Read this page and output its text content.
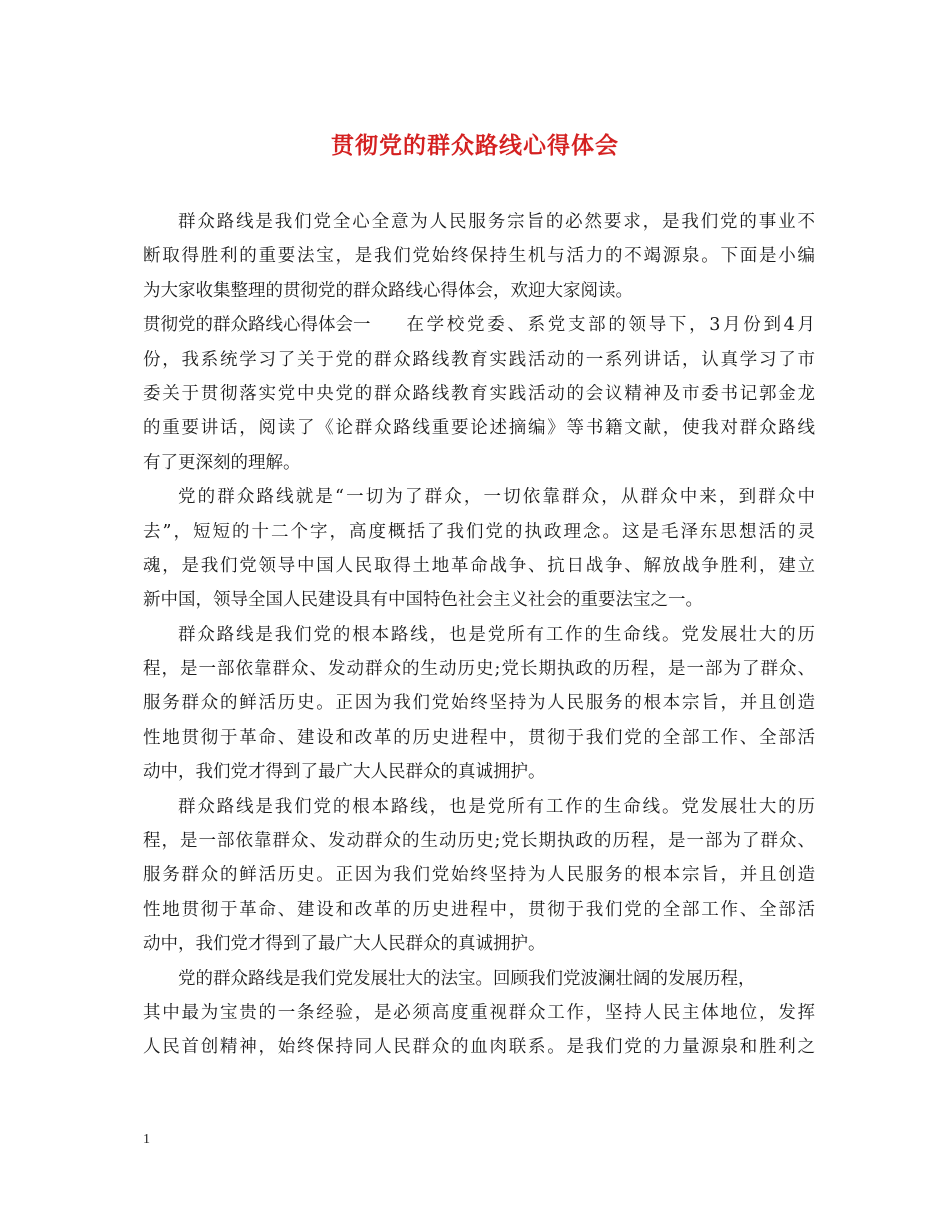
贯彻党的群众路线心得体会
群众路线是我们党全心全意为人民服务宗旨的必然要求，是我们党的事业不
断取得胜利的重要法宝，是我们党始终保持生机与活力的不竭源泉。下面是小编
为大家收集整理的贯彻党的群众路线心得体会，欢迎大家阅读。
贯彻党的群众路线心得体会一 在学校党委、系党支部的领导下，3月份到4月
份，我系统学习了关于党的群众路线教育实践活动的一系列讲话，认真学习了市
委关于贯彻落实党中央党的群众路线教育实践活动的会议精神及市委书记郭金龙
的重要讲话，阅读了《论群众路线重要论述摘编》等书籍文献，使我对群众路线
有了更深刻的理解。
党的群众路线就是“一切为了群众，一切依靠群众，从群众中来，到群众中
去”，短短的十二个字，高度概括了我们党的执政理念。这是毛泽东思想活的灵
魂，是我们党领导中国人民取得土地革命战争、抗日战争、解放战争胜利，建立
新中国，领导全国人民建设具有中国特色社会主义社会的重要法宝之一。
群众路线是我们党的根本路线，也是党所有工作的生命线。党发展壮大的历
程，是一部依靠群众、发动群众的生动历史;党长期执政的历程，是一部为了群众、
服务群众的鲜活历史。正因为我们党始终坚持为人民服务的根本宗旨，并且创造
性地贯彻于革命、建设和改革的历史进程中，贯彻于我们党的全部工作、全部活
动中，我们党才得到了最广大人民群众的真诚拥护。
群众路线是我们党的根本路线，也是党所有工作的生命线。党发展壮大的历
程，是一部依靠群众、发动群众的生动历史;党长期执政的历程，是一部为了群众、
服务群众的鲜活历史。正因为我们党始终坚持为人民服务的根本宗旨，并且创造
性地贯彻于革命、建设和改革的历史进程中，贯彻于我们党的全部工作、全部活
动中，我们党才得到了最广大人民群众的真诚拥护。
党的群众路线是我们党发展壮大的法宝。回顾我们党波澜壮阔的发展历程，
其中最为宝贵的一条经验，是必须高度重视群众工作，坚持人民主体地位，发挥
人民首创精神，始终保持同人民群众的血肉联系。是我们党的力量源泉和胜利之
1
